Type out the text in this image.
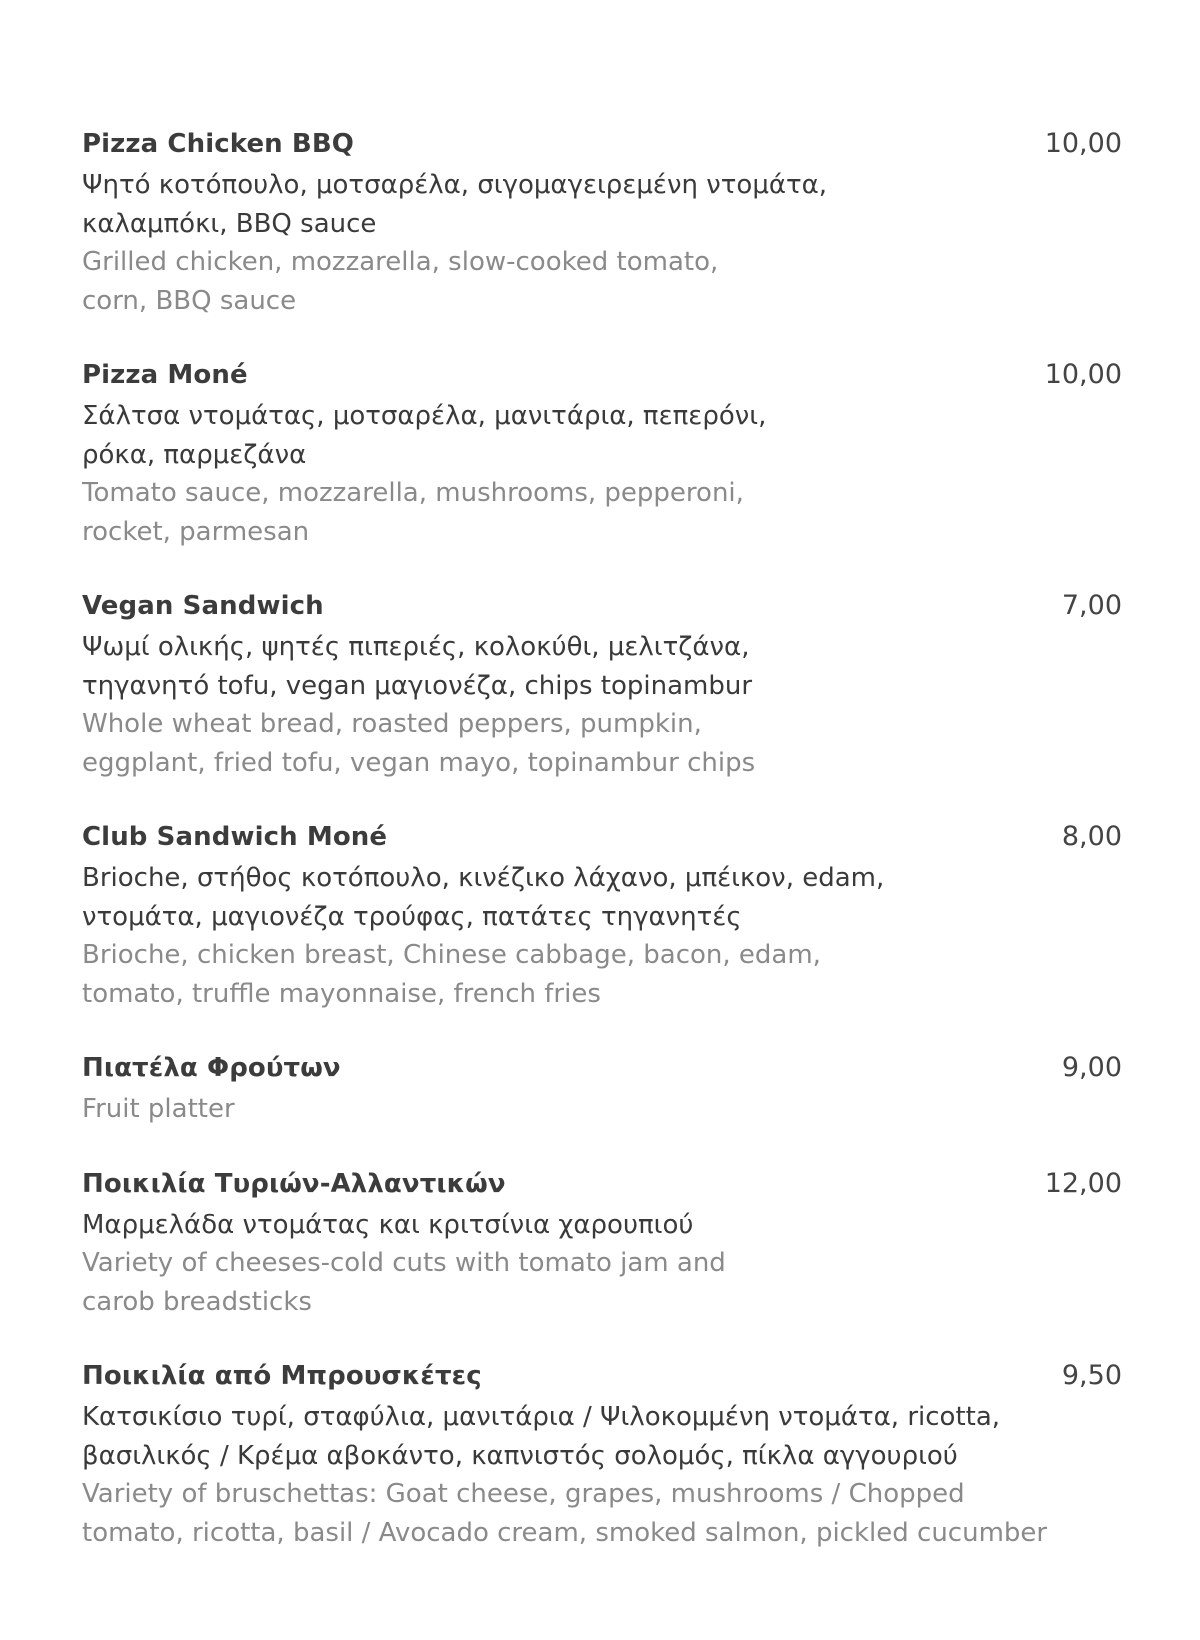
Pizza Chicken BBQ	10,00
Ψητό κοτόπουλο, μοτσαρέλα, σιγομαγειρεμένη ντομάτα,
καλαμπόκι, BBQ sauce
Grilled chicken, mozzarella, slow-cooked tomato,
corn, BBQ sauce
Pizza Moné	10,00
Σάλτσα ντομάτας, μοτσαρέλα, μανιτάρια, πεπερόνι,
ρόκα, παρμεζάνα
Tomato sauce, mozzarella, mushrooms, pepperoni,
rocket, parmesan
Vegan Sandwich	7,00
Ψωμί ολικής, ψητές πιπεριές, κολοκύθι, μελιτζάνα,
τηγανητό tofu, vegan μαγιονέζα, chips topinambur
Whole wheat bread, roasted peppers, pumpkin,
eggplant, fried tofu, vegan mayo, topinambur chips
Club Sandwich Moné	8,00
Brioche, στήθος κοτόπουλο, κινέζικο λάχανο, μπέικον, edam,
ντομάτα, μαγιονέζα τρούφας, πατάτες τηγανητές
Brioche, chicken breast, Chinese cabbage, bacon, edam,
tomato, truffle mayonnaise, french fries
Πιατέλα Φρούτων	9,00
Fruit platter
Ποικιλία Τυριών-Αλλαντικών	12,00
Μαρμελάδα ντομάτας και κριτσίνια χαρουπιού
Variety of cheeses-cold cuts with tomato jam and
carob breadsticks
Ποικιλία από Μπρουσκέτες	9,50
Κατσικίσιο τυρί, σταφύλια, μανιτάρια / Ψιλοκομμένη ντομάτα, ricotta,
βασιλικός / Κρέμα αβοκάντο, καπνιστός σολομός, πίκλα αγγουριού
Variety of bruschettas: Goat cheese, grapes, mushrooms / Chopped
tomato, ricotta, basil / Avocado cream, smoked salmon, pickled cucumber
